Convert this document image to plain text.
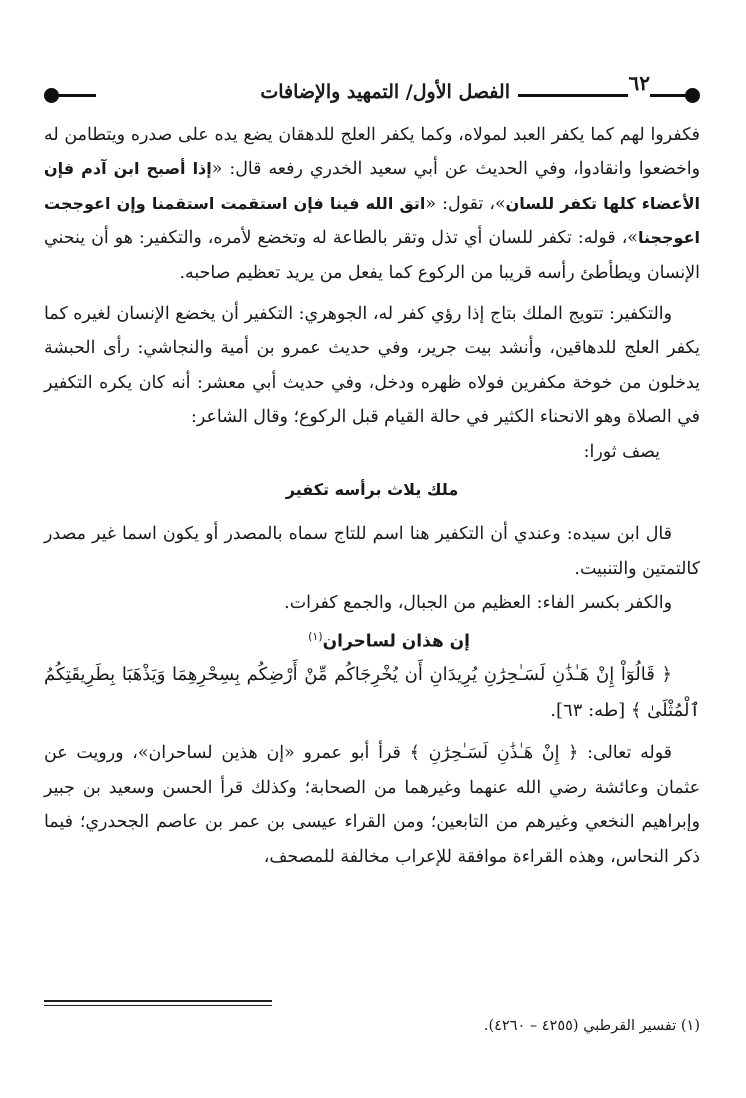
٦٢
الفصل الأول/ التمهيد والإضافات

فكفروا لهم كما يكفر العبد لمولاه، وكما يكفر العلج للدهقان يضع يده على صدره ويتطامن له واخضعوا وانقادوا، وفي الحديث عن أبي سعيد الخدري رفعه قال: «إذا أصبح ابن آدم فإن الأعضاء كلها تكفر للسان»، تقول: «اتق الله فينا فإن استقمت استقمنا وإن اعوججت اعوججنا»، قوله: تكفر للسان أي تذل وتقر بالطاعة له وتخضع لأمره، والتكفير: هو أن ينحني الإنسان ويطأطئ رأسه قريبا من الركوع كما يفعل من يريد تعظيم صاحبه.

والتكفير: تتويج الملك بتاج إذا رؤي كفر له، الجوهري: التكفير أن يخضع الإنسان لغيره كما يكفر العلج للدهاقين، وأنشد بيت جرير، وفي حديث عمرو بن أمية والنجاشي: رأى الحبشة يدخلون من خوخة مكفرين فولاه ظهره ودخل، وفي حديث أبي معشر: أنه كان يكره التكفير في الصلاة وهو الانحناء الكثير في حالة القيام قبل الركوع؛ وقال الشاعر:

يصف ثورا:

ملك يلاث برأسه تكفير

قال ابن سيده: وعندي أن التكفير هنا اسم للتاج سماه بالمصدر أو يكون اسما غير مصدر كالتمتين والتنبيت.

والكفر بكسر الفاء: العظيم من الجبال، والجمع كفرات.

إن هذان لساحران$^{(١)}$

﴿ قَالُوٓاْ إِنْ هَـٰذَٰنِ لَسَـٰحِرَٰنِ يُرِيدَانِ أَن يُخْرِجَاكُم مِّنْ أَرْضِكُم بِسِحْرِهِمَا وَيَذْهَبَا بِطَرِيقَتِكُمُ ٱلْمُثْلَىٰ ﴾ [طه: ٦٣].

قوله تعالى: ﴿ إِنْ هَـٰذَٰنِ لَسَـٰحِرَٰنِ ﴾ قرأ أبو عمرو «إن هذين لساحران»، ورويت عن عثمان وعائشة رضي الله عنهما وغيرهما من الصحابة؛ وكذلك قرأ الحسن وسعيد بن جبير وإبراهيم النخعي وغيرهم من التابعين؛ ومن القراء عيسى بن عمر بن عاصم الجحدري؛ فيما ذكر النحاس، وهذه القراءة موافقة للإعراب مخالفة للمصحف،

(١) تفسير القرطبي (٤٢٥٥ – ٤٢٦٠).
